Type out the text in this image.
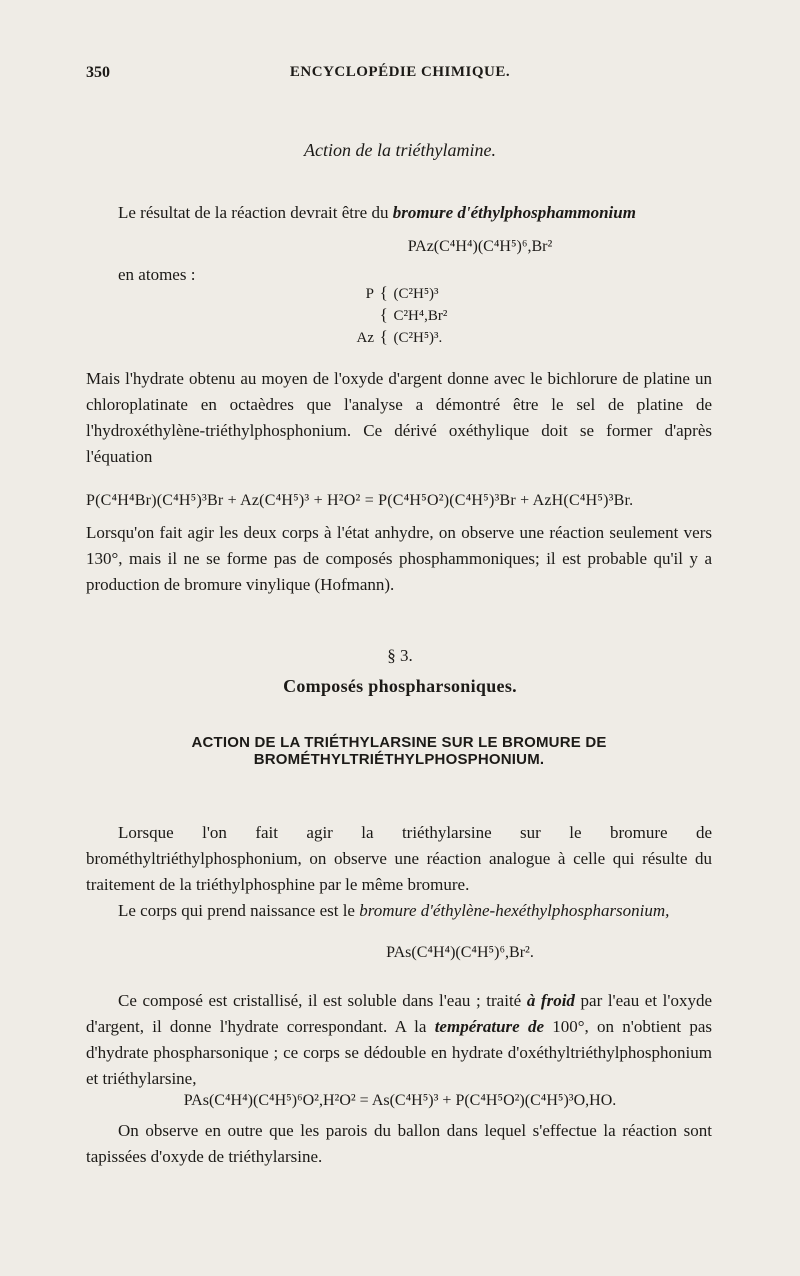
350	ENCYCLOPÉDIE CHIMIQUE.
Action de la triéthylamine.

Le résultat de la réaction devrait être du bromure d'éthylphosphammonium

PAz(C⁴H⁴)(C⁴H⁵)⁶,Br²
en atomes :
P { (C²H⁵)³
{ C²H⁴,Br²
Az { (C²H⁵)³.

Mais l'hydrate obtenu au moyen de l'oxyde d'argent donne avec le bichlorure de platine un chloroplatinate en octaèdres que l'analyse a démontré être le sel de platine de l'hydroxéthylène-triéthylphosphonium. Ce dérivé oxéthylique doit se former d'après l'équation

P(C⁴H⁴Br)(C⁴H⁵)³Br + Az(C⁴H⁵)³ + H²O² = P(C⁴H⁵O²)(C⁴H⁵)³Br + AzH(C⁴H⁵)³Br.

Lorsqu'on fait agir les deux corps à l'état anhydre, on observe une réaction seulement vers 130°, mais il ne se forme pas de composés phosphammoniques; il est probable qu'il y a production de bromure vinylique (Hofmann).

§ 3.
Composés phospharsoniques.
ACTION DE LA TRIÉTHYLARSINE SUR LE BROMURE DE BROMÉTHYLTRIÉTHYLPHOSPHONIUM.

Lorsque l'on fait agir la triéthylarsine sur le bromure de brométhyltriéthylphosphonium, on observe une réaction analogue à celle qui résulte du traitement de la triéthylphosphine par le même bromure.

Le corps qui prend naissance est le bromure d'éthylène-hexéthylphospharsonium,

PAs(C⁴H⁴)(C⁴H⁵)⁶,Br².

Ce composé est cristallisé, il est soluble dans l'eau ; traité à froid par l'eau et l'oxyde d'argent, il donne l'hydrate correspondant. A la température de 100°, on n'obtient pas d'hydrate phospharsonique ; ce corps se dédouble en hydrate d'oxéthyltriéthylphosphonium et triéthylarsine,

PAs(C⁴H⁴)(C⁴H⁵)⁶O²,H²O² = As(C⁴H⁵)³ + P(C⁴H⁵O²)(C⁴H⁵)³O,HO.

On observe en outre que les parois du ballon dans lequel s'effectue la réaction sont tapissées d'oxyde de triéthylarsine.
